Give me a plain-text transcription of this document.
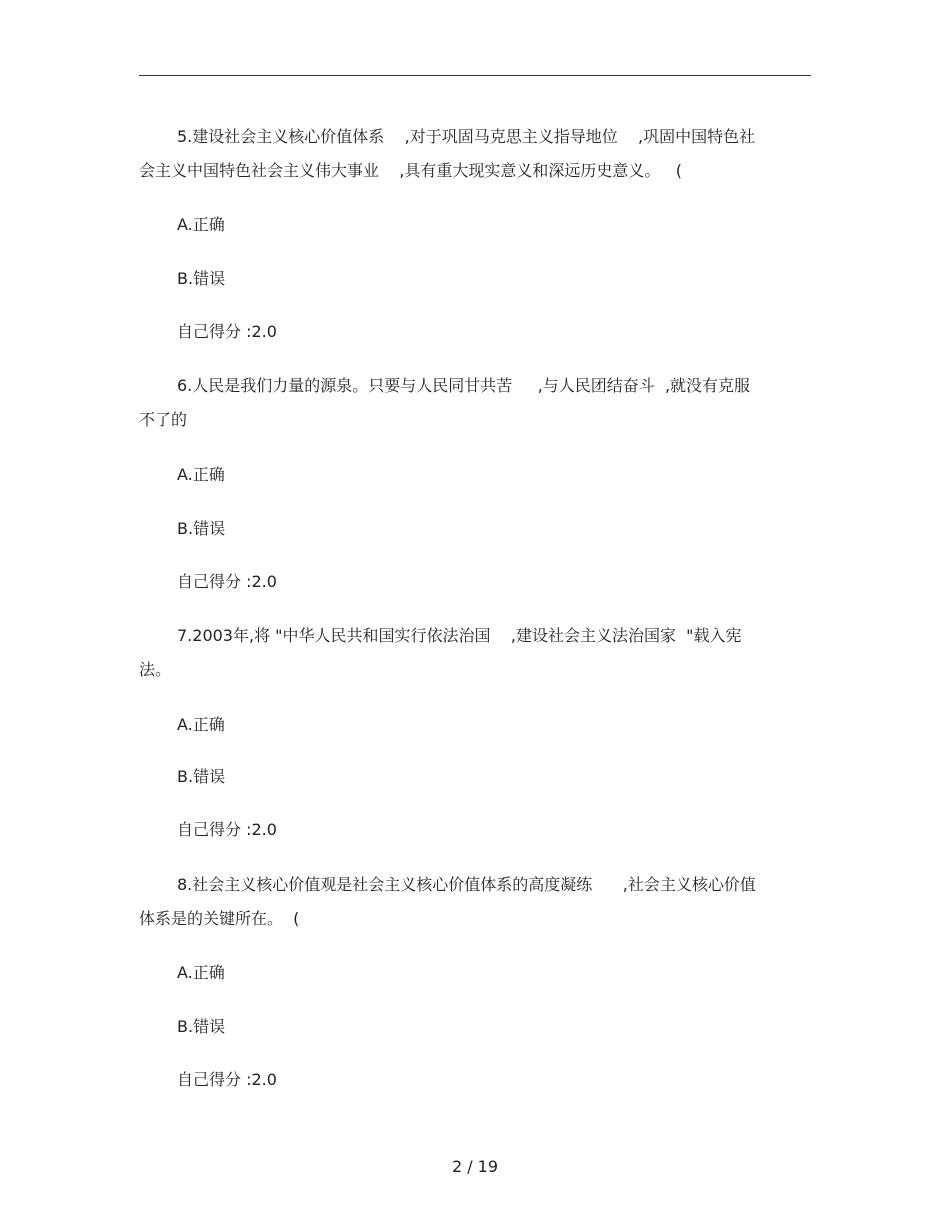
5.建设社会主义核心价值体系    ,对于巩固马克思主义指导地位    ,巩固中国特色社
会主义中国特色社会主义伟大事业    ,具有重大现实意义和深远历史意义。   (
A.正确
B.错误
自己得分 :2.0
6.人民是我们力量的源泉。只要与人民同甘共苦     ,与人民团结奋斗  ,就没有克服
不了的
A.正确
B.错误
自己得分 :2.0
7.2003年,将 "中华人民共和国实行依法治国    ,建设社会主义法治国家  "载入宪
法。
A.正确
B.错误
自己得分 :2.0
8.社会主义核心价值观是社会主义核心价值体系的高度凝练      ,社会主义核心价值
体系是的关键所在。  (
A.正确
B.错误
自己得分 :2.0
2 / 19
